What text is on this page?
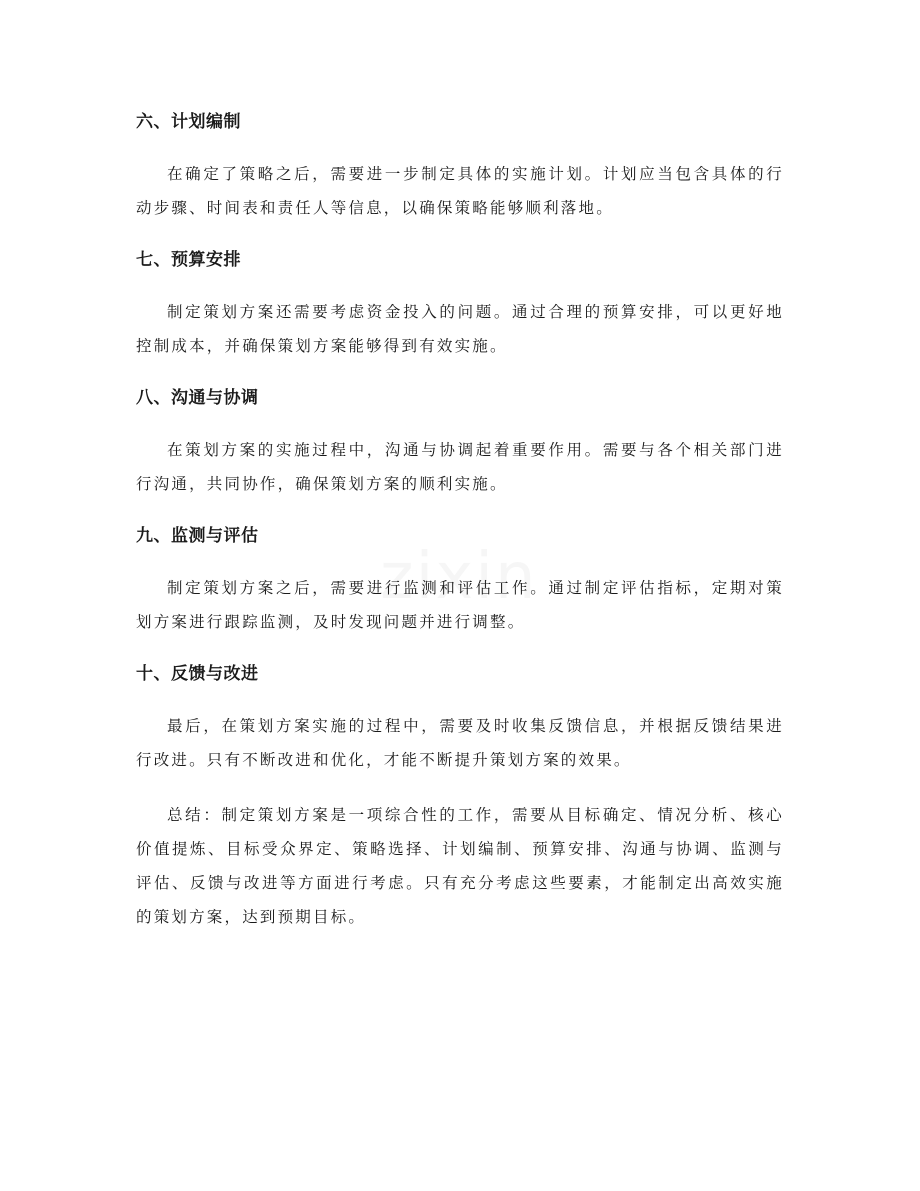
六、计划编制

在确定了策略之后，需要进一步制定具体的实施计划。计划应当包含具体的行动步骤、时间表和责任人等信息，以确保策略能够顺利落地。

七、预算安排

制定策划方案还需要考虑资金投入的问题。通过合理的预算安排，可以更好地控制成本，并确保策划方案能够得到有效实施。

八、沟通与协调

在策划方案的实施过程中，沟通与协调起着重要作用。需要与各个相关部门进行沟通，共同协作，确保策划方案的顺利实施。

九、监测与评估

制定策划方案之后，需要进行监测和评估工作。通过制定评估指标，定期对策划方案进行跟踪监测，及时发现问题并进行调整。

十、反馈与改进

最后，在策划方案实施的过程中，需要及时收集反馈信息，并根据反馈结果进行改进。只有不断改进和优化，才能不断提升策划方案的效果。

总结：制定策划方案是一项综合性的工作，需要从目标确定、情况分析、核心价值提炼、目标受众界定、策略选择、计划编制、预算安排、沟通与协调、监测与评估、反馈与改进等方面进行考虑。只有充分考虑这些要素，才能制定出高效实施的策划方案，达到预期目标。
